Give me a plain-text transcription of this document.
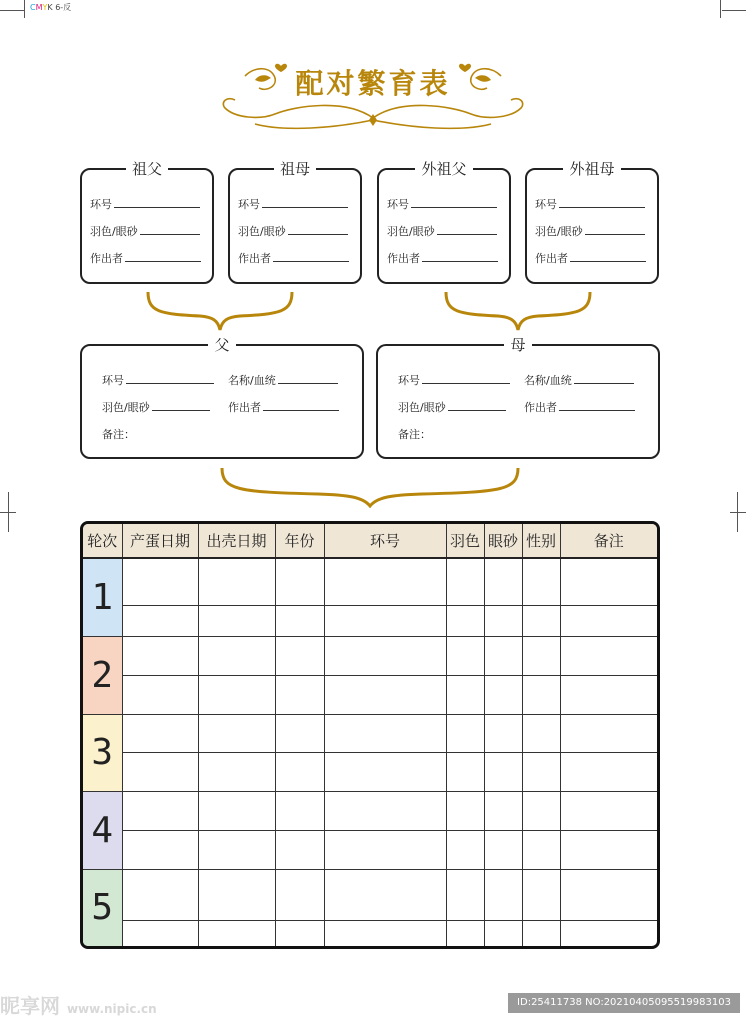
CMYK 6-反
配对繁育表
祖父
环号
羽色/眼砂
作出者
祖母
环号
羽色/眼砂
作出者
外祖父
环号
羽色/眼砂
作出者
外祖母
环号
羽色/眼砂
作出者
父
环号	名称/血统
羽色/眼砂	作出者
备注：
母
环号	名称/血统
羽色/眼砂	作出者
备注：
轮次	产蛋日期	出壳日期	年份	环号	羽色	眼砂	性别	备注
1								

2								

3								

4								

5								

昵享网 www.nipic.cn	ID:25411738 NO:20210405095519983103
